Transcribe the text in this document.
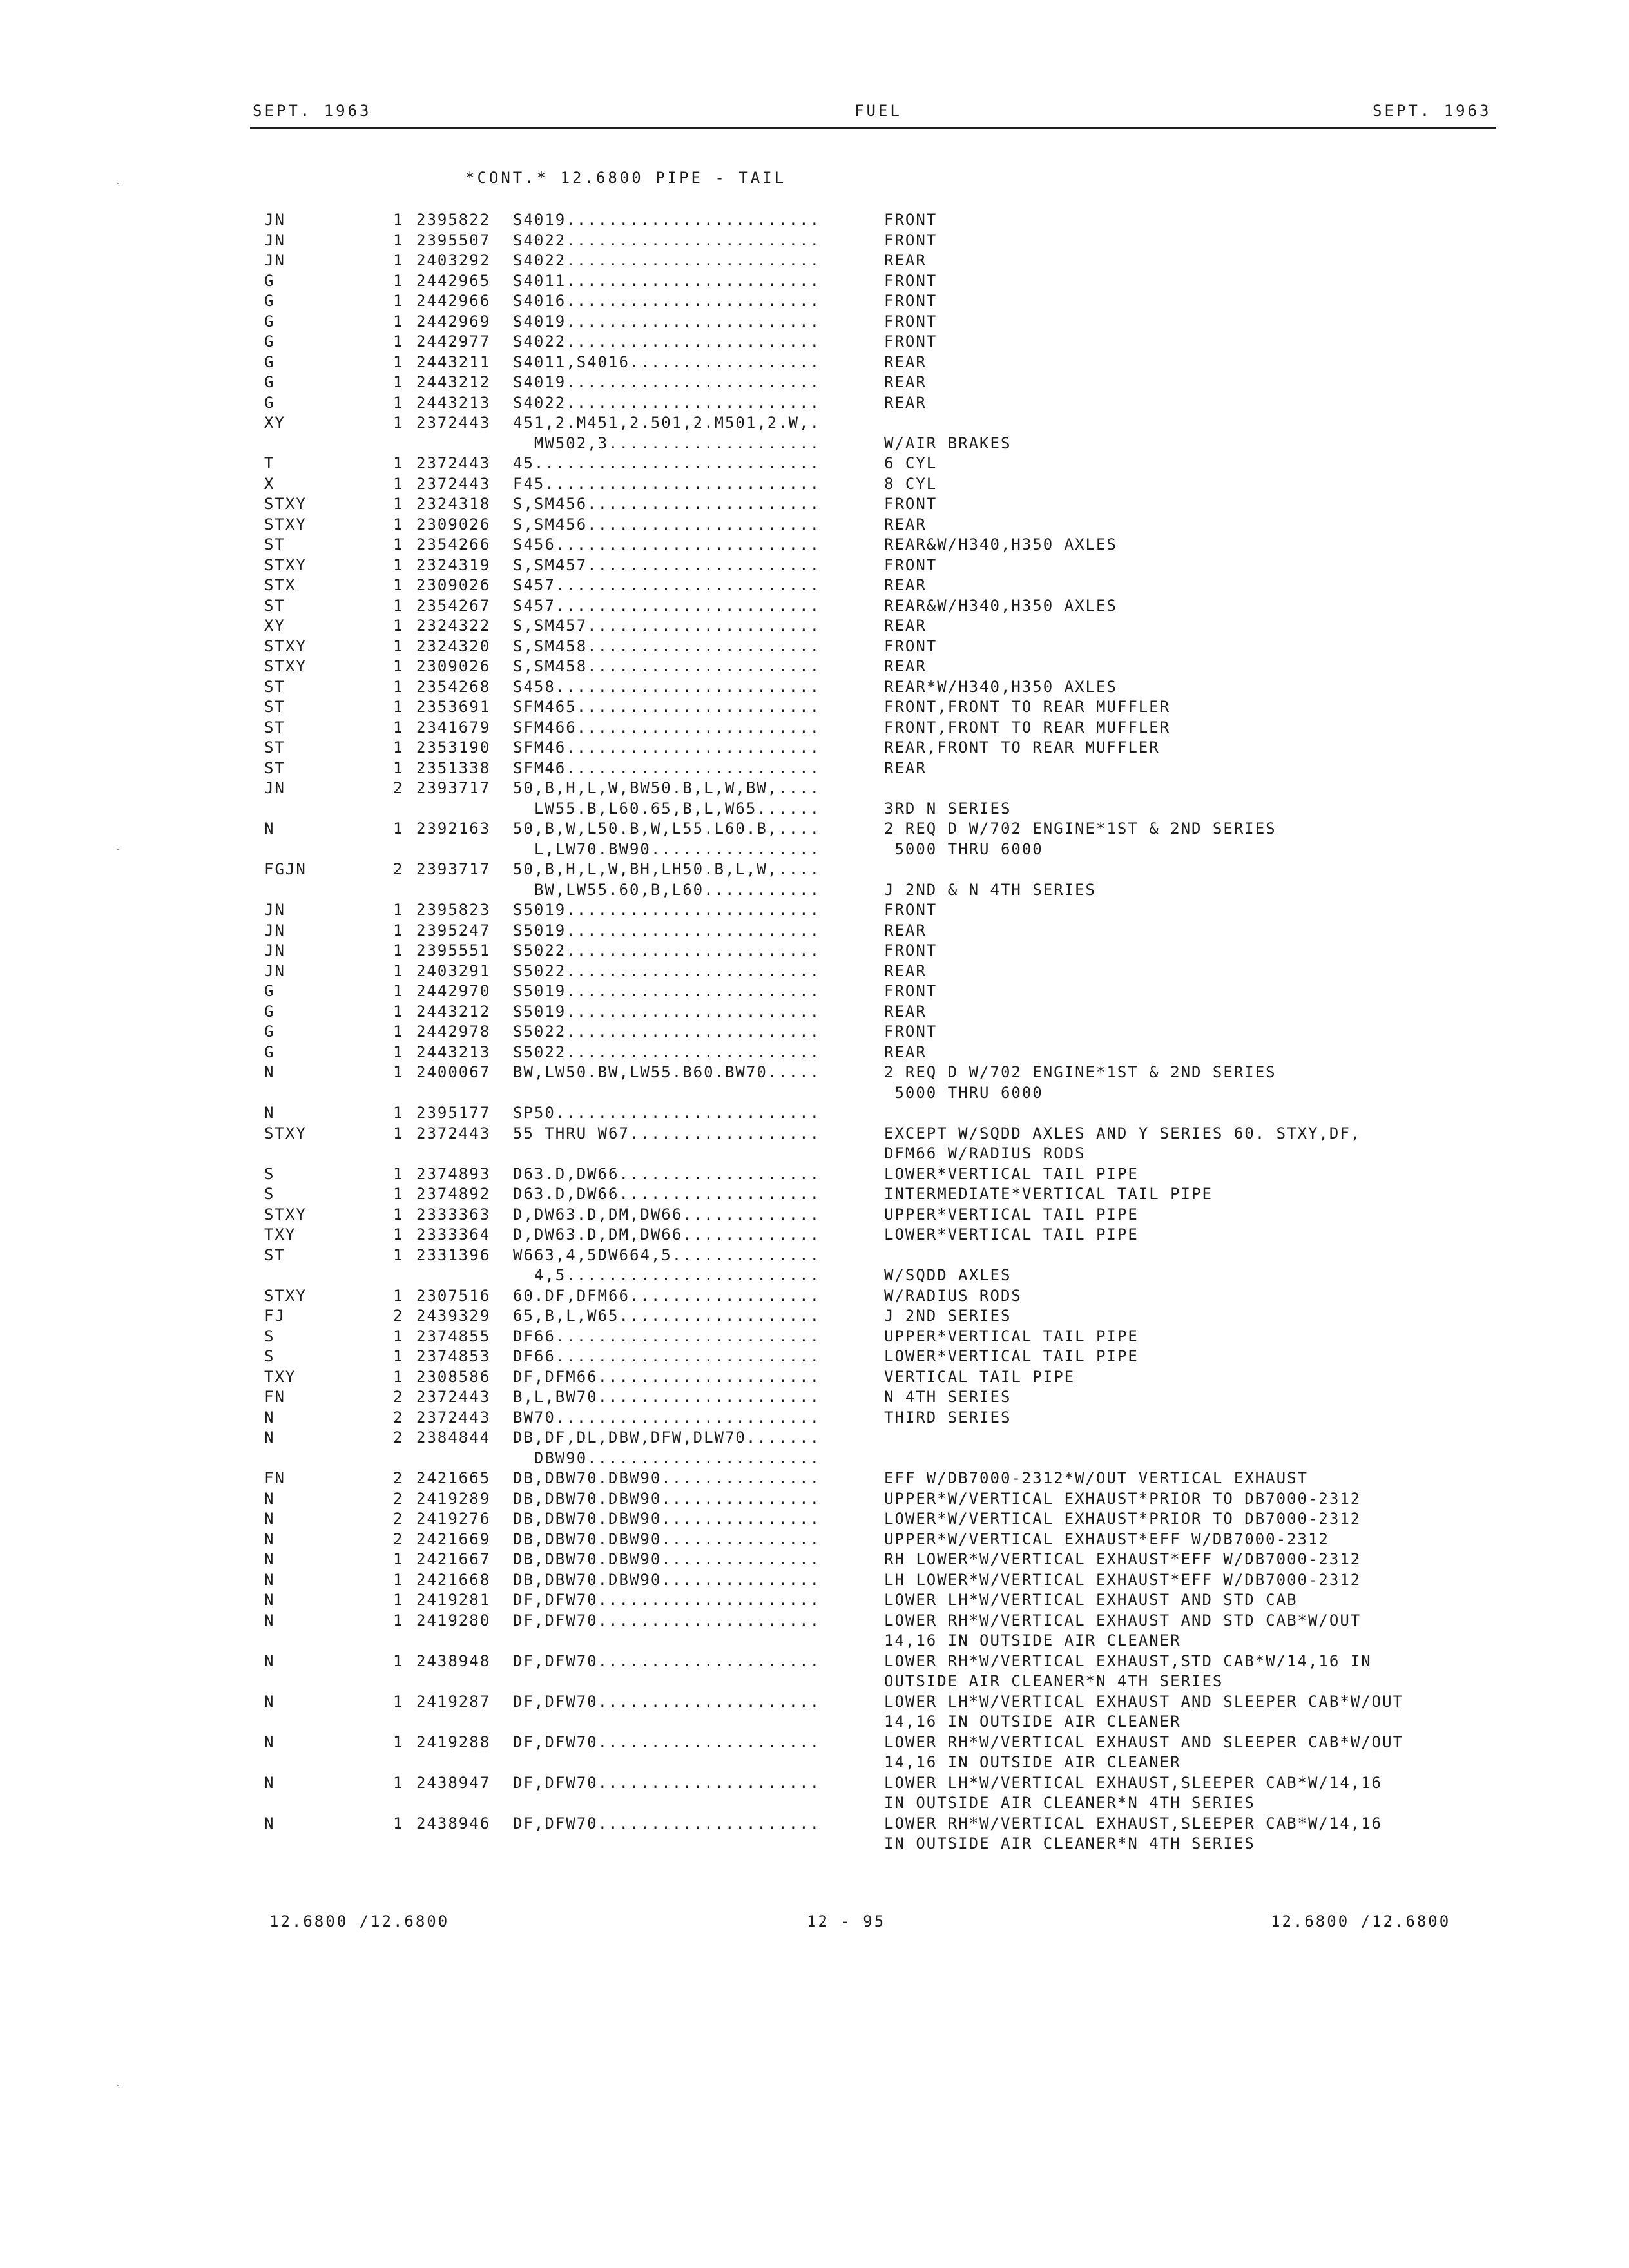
SEPT. 1963	FUEL	SEPT. 1963
*CONT.* 12.6800 PIPE - TAIL
JN	1 2395822 S4019........................	FRONT
JN	1 2395507 S4022........................	FRONT
JN	1 2403292 S4022........................	REAR
G	1 2442965 S4011........................	FRONT
G	1 2442966 S4016........................	FRONT
G	1 2442969 S4019........................	FRONT
G	1 2442977 S4022........................	FRONT
G	1 2443211 S4011,S4016..................	REAR
G	1 2443212 S4019........................	REAR
G	1 2443213 S4022........................	REAR
XY	1 2372443 451,2.M451,2.501,2.M501,2.W,.
MW502,3....................	W/AIR BRAKES
T	1 2372443 45...........................	6 CYL
X	1 2372443 F45..........................	8 CYL
STXY	1 2324318 S,SM456......................	FRONT
STXY	1 2309026 S,SM456......................	REAR
ST	1 2354266 S456.........................	REAR&W/H340,H350 AXLES
STXY	1 2324319 S,SM457......................	FRONT
STX	1 2309026 S457.........................	REAR
ST	1 2354267 S457.........................	REAR&W/H340,H350 AXLES
XY	1 2324322 S,SM457......................	REAR
STXY	1 2324320 S,SM458......................	FRONT
STXY	1 2309026 S,SM458......................	REAR
ST	1 2354268 S458.........................	REAR*W/H340,H350 AXLES
ST	1 2353691 SFM465.......................	FRONT,FRONT TO REAR MUFFLER
ST	1 2341679 SFM466.......................	FRONT,FRONT TO REAR MUFFLER
ST	1 2353190 SFM46........................	REAR,FRONT TO REAR MUFFLER
ST	1 2351338 SFM46........................	REAR
JN	2 2393717 50,B,H,L,W,BW50.B,L,W,BW,....
LW55.B,L60.65,B,L,W65......	3RD N SERIES
N	1 2392163 50,B,W,L50.B,W,L55.L60.B,....	2 REQ D W/702 ENGINE*1ST & 2ND SERIES
L,LW70.BW90................	5000 THRU 6000
FGJN	2 2393717 50,B,H,L,W,BH,LH50.B,L,W,....
BW,LW55.60,B,L60...........	J 2ND & N 4TH SERIES
JN	1 2395823 S5019........................	FRONT
JN	1 2395247 S5019........................	REAR
JN	1 2395551 S5022........................	FRONT
JN	1 2403291 S5022........................	REAR
G	1 2442970 S5019........................	FRONT
G	1 2443212 S5019........................	REAR
G	1 2442978 S5022........................	FRONT
G	1 2443213 S5022........................	REAR
N	1 2400067 BW,LW50.BW,LW55.B60.BW70.....	2 REQ D W/702 ENGINE*1ST & 2ND SERIES
5000 THRU 6000
N	1 2395177 SP50.........................
STXY	1 2372443 55 THRU W67..................	EXCEPT W/SQDD AXLES AND Y SERIES 60. STXY,DF,
DFM66 W/RADIUS RODS
S	1 2374893 D63.D,DW66...................	LOWER*VERTICAL TAIL PIPE
S	1 2374892 D63.D,DW66...................	INTERMEDIATE*VERTICAL TAIL PIPE
STXY	1 2333363 D,DW63.D,DM,DW66.............	UPPER*VERTICAL TAIL PIPE
TXY	1 2333364 D,DW63.D,DM,DW66.............	LOWER*VERTICAL TAIL PIPE
ST	1 2331396 W663,4,5DW664,5..............
4,5........................	W/SQDD AXLES
STXY	1 2307516 60.DF,DFM66..................	W/RADIUS RODS
FJ	2 2439329 65,B,L,W65...................	J 2ND SERIES
S	1 2374855 DF66.........................	UPPER*VERTICAL TAIL PIPE
S	1 2374853 DF66.........................	LOWER*VERTICAL TAIL PIPE
TXY	1 2308586 DF,DFM66.....................	VERTICAL TAIL PIPE
FN	2 2372443 B,L,BW70.....................	N 4TH SERIES
N	2 2372443 BW70.........................	THIRD SERIES
N	2 2384844 DB,DF,DL,DBW,DFW,DLW70.......
DBW90......................
FN	2 2421665 DB,DBW70.DBW90...............	EFF W/DB7000-2312*W/OUT VERTICAL EXHAUST
N	2 2419289 DB,DBW70.DBW90...............	UPPER*W/VERTICAL EXHAUST*PRIOR TO DB7000-2312
N	2 2419276 DB,DBW70.DBW90...............	LOWER*W/VERTICAL EXHAUST*PRIOR TO DB7000-2312
N	2 2421669 DB,DBW70.DBW90...............	UPPER*W/VERTICAL EXHAUST*EFF W/DB7000-2312
N	1 2421667 DB,DBW70.DBW90...............	RH LOWER*W/VERTICAL EXHAUST*EFF W/DB7000-2312
N	1 2421668 DB,DBW70.DBW90...............	LH LOWER*W/VERTICAL EXHAUST*EFF W/DB7000-2312
N	1 2419281 DF,DFW70.....................	LOWER LH*W/VERTICAL EXHAUST AND STD CAB
N	1 2419280 DF,DFW70.....................	LOWER RH*W/VERTICAL EXHAUST AND STD CAB*W/OUT
14,16 IN OUTSIDE AIR CLEANER
N	1 2438948 DF,DFW70.....................	LOWER RH*W/VERTICAL EXHAUST,STD CAB*W/14,16 IN
OUTSIDE AIR CLEANER*N 4TH SERIES
N	1 2419287 DF,DFW70.....................	LOWER LH*W/VERTICAL EXHAUST AND SLEEPER CAB*W/OUT
14,16 IN OUTSIDE AIR CLEANER
N	1 2419288 DF,DFW70.....................	LOWER RH*W/VERTICAL EXHAUST AND SLEEPER CAB*W/OUT
14,16 IN OUTSIDE AIR CLEANER
N	1 2438947 DF,DFW70.....................	LOWER LH*W/VERTICAL EXHAUST,SLEEPER CAB*W/14,16
IN OUTSIDE AIR CLEANER*N 4TH SERIES
N	1 2438946 DF,DFW70.....................	LOWER RH*W/VERTICAL EXHAUST,SLEEPER CAB*W/14,16
IN OUTSIDE AIR CLEANER*N 4TH SERIES
12.6800 /12.6800	12 - 95	12.6800 /12.6800
